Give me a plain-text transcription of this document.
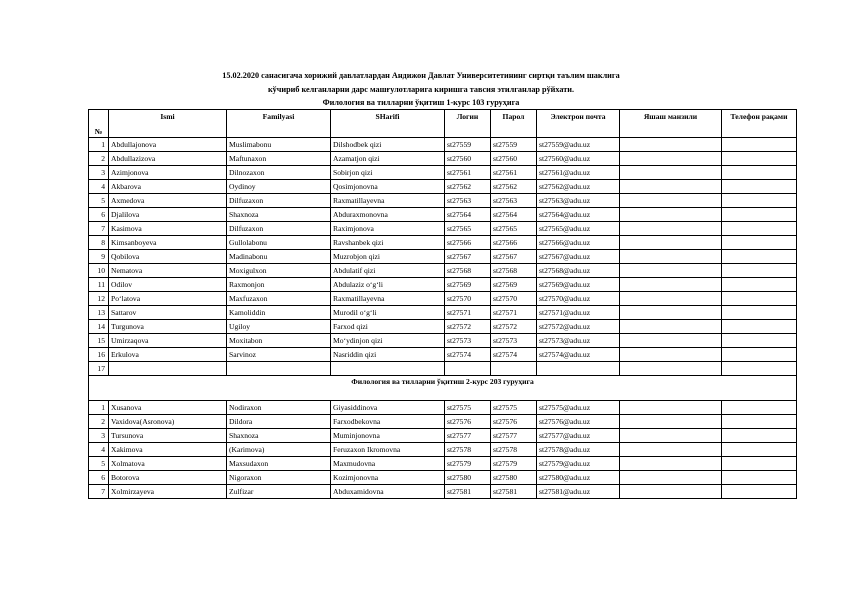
15.02.2020 санасигача хорижий давлатлардан Андижон Давлат Университетининг сиртқи таълим шаклига
кўчириб келганларни дарс машғулотларига киришга тавсия этилганлар рўйхати.
Филология ва тилларни ўқитиш 1-курс 103 гуруҳига
№	Ismi	Familyasi	SHarifi	Логин	Парол	Электрон почта	Яшаш манзили	Телефон рақами
1	Abdullajonova	Muslimabonu	Dilshodbek qizi	st27559	st27559	st27559@adu.uz		
2	Abdullazizova	Maftunaxon	Azamatjon qizi	st27560	st27560	st27560@adu.uz		
3	Azimjonova	Dilnozaxon	Sobirjon qizi	st27561	st27561	st27561@adu.uz		
4	Akbarova	Oydinoy	Qosimjonovna	st27562	st27562	st27562@adu.uz		
5	Axmedova	Dilfuzaxon	Raxmatillayevna	st27563	st27563	st27563@adu.uz		
6	Djalilova	Shaxnoza	Abduraxmonovna	st27564	st27564	st27564@adu.uz		
7	Kasimova	Dilfuzaxon	Raximjonova	st27565	st27565	st27565@adu.uz		
8	Kimsanboyeva	Gullolabonu	Ravshanbek qizi	st27566	st27566	st27566@adu.uz		
9	Qobilova	Madinabonu	Muzrobjon qizi	st27567	st27567	st27567@adu.uz		
10	Nematova	Moxigulxon	Abdulatif qizi	st27568	st27568	st27568@adu.uz		
11	Odilov	Raxmonjon	Abdulaziz o‘g‘li	st27569	st27569	st27569@adu.uz		
12	Po‘latova	Maxfuzaxon	Raxmatillayevna	st27570	st27570	st27570@adu.uz		
13	Sattarov	Kamoliddin	Murodil o‘g‘li	st27571	st27571	st27571@adu.uz		
14	Turgunova	Ugiloy	Farxod qizi	st27572	st27572	st27572@adu.uz		
15	Umirzaqova	Moxitabon	Mo‘ydinjon qizi	st27573	st27573	st27573@adu.uz		
16	Erkulova	Sarvinoz	Nasriddin qizi	st27574	st27574	st27574@adu.uz		
17								
Филология ва тилларни ўқитиш 2-курс 203 гуруҳига								
1	Xusanova	Nodiraxon	Giyasiddinova	st27575	st27575	st27575@adu.uz		
2	Vaxidova(Asronova)	Dildora	Farxodbekovna	st27576	st27576	st27576@adu.uz		
3	Tursunova	Shaxnoza	Muminjonovna	st27577	st27577	st27577@adu.uz		
4	Xakimova	(Karimova)	Feruzaxon Ikromovna	st27578	st27578	st27578@adu.uz		
5	Xolmatova	Maxsudaxon	Maxmudovna	st27579	st27579	st27579@adu.uz		
6	Botorova	Nigoraxon	Kozimjonovna	st27580	st27580	st27580@adu.uz		
7	Xolmirzayeva	Zulfizar	Abduxamidovna	st27581	st27581	st27581@adu.uz		
